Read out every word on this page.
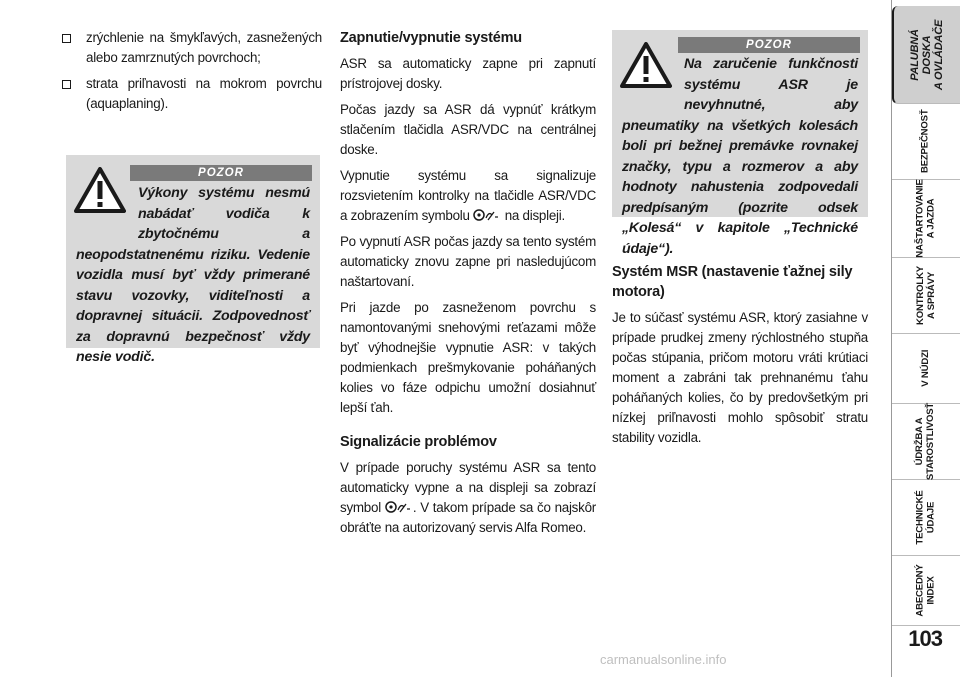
zrýchlenie na šmykľavých, zasnežených alebo zamrznutých povrchoch;
strata priľnavosti na mokrom povrchu (aquaplaning).
POZOR

Výkony systému nesmú nabádať vodiča k zbytočnému a neopodstatnenému riziku. Vedenie vozidla musí byť vždy primerané stavu vozovky, viditeľnosti a dopravnej situácii. Zodpovednosť za dopravnú bezpečnosť vždy nesie vodič.

Zapnutie/vypnutie systému

ASR sa automaticky zapne pri zapnutí prístrojovej dosky.

Počas jazdy sa ASR dá vypnúť krátkym stlačením tlačidla ASR/VDC na centrálnej doske.

Vypnutie systému sa signalizuje rozsvietením kontrolky na tlačidle ASR/VDC a zobrazením symbolu	na displeji.

Po vypnutí ASR počas jazdy sa tento systém automaticky znovu zapne pri nasledujúcom naštartovaní.

Pri jazde po zasneženom povrchu s namontovanými snehovými reťazami môže byť výhodnejšie vypnutie ASR: v takých podmienkach prešmykovanie poháňaných kolies vo fáze odpichu umožní dosiahnuť lepší ťah.

Signalizácie problémov

V prípade poruchy systému ASR sa tento automaticky vypne a na displeji sa zobrazí symbol . V takom prípade sa čo najskôr obráťte na autorizovaný servis Alfa Romeo.

POZOR

Na zaručenie funkčnosti systému ASR je nevyhnutné, aby pneumatiky na všetkých kolesách boli pri bežnej premávke rovnakej značky, typu a rozmerov a aby hodnoty nahustenia zodpovedali predpísaným (pozrite odsek „Kolesá“ v kapitole „Technické údaje“).

Systém MSR (nastavenie ťažnej sily motora)

Je to súčasť systému ASR, ktorý zasiahne v prípade prudkej zmeny rýchlostného stupňa počas stúpania, pričom motoru vráti krútiaci moment a zabráni tak prehnanému ťahu poháňaných kolies, čo by predovšetkým pri nízkej priľnavosti mohlo spôsobiť stratu stability vozidla.

PALUBNÁ
DOSKA
A OVLÁDAČE
BEZPEČNOSŤ
NAŠTARTOVANIE
A JAZDA
KONTROLKY
A SPRÁVY
V NÚDZI
ÚDRŽBA A
STAROSTLIVOSŤ
TECHNICKÉ
ÚDAJE
ABECEDNÝ
INDEX
103
carmanualsonline.info
